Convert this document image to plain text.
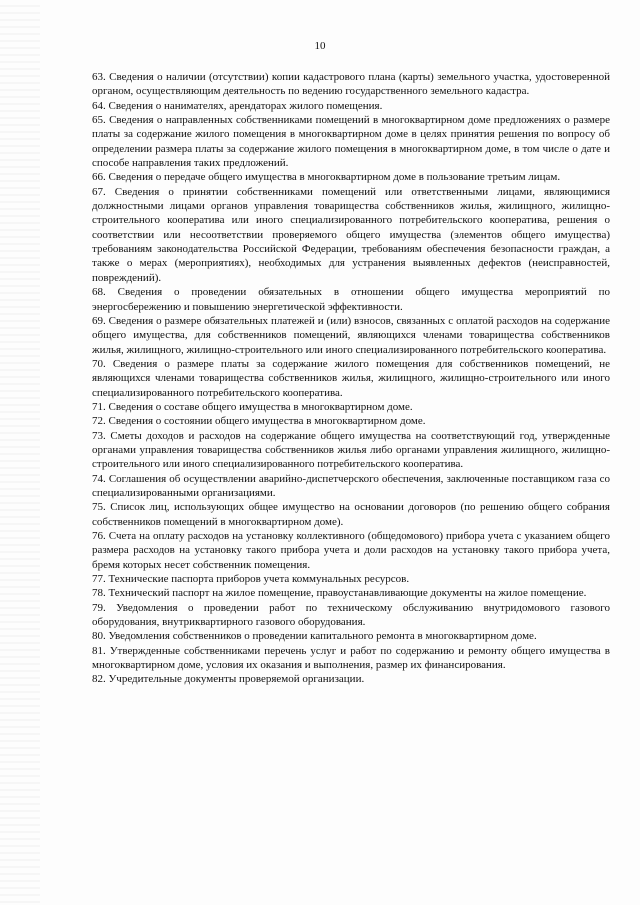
10

63. Сведения о наличии (отсутствии) копии кадастрового плана (карты) земельного участка, удостоверенной органом, осуществляющим деятельность по ведению государственного земельного кадастра.

64. Сведения о нанимателях, арендаторах жилого помещения.

65. Сведения о направленных собственниками помещений в многоквартирном доме предложениях о размере платы за содержание жилого помещения в многоквартирном доме в целях принятия решения по вопросу об определении размера платы за содержание жилого помещения в многоквартирном доме, в том числе о дате и способе направления таких предложений.

66. Сведения о передаче общего имущества в многоквартирном доме в пользование третьим лицам.

67. Сведения о принятии собственниками помещений или ответственными лицами, являющимися должностными лицами органов управления товарищества собственников жилья, жилищного, жилищно-строительного кооператива или иного специализированного потребительского кооператива, решения о соответствии или несоответствии проверяемого общего имущества (элементов общего имущества) требованиям законодательства Российской Федерации, требованиям обеспечения безопасности граждан, а также о мерах (мероприятиях), необходимых для устранения выявленных дефектов (неисправностей, повреждений).

68. Сведения о проведении обязательных в отношении общего имущества мероприятий по энергосбережению и повышению энергетической эффективности.

69. Сведения о размере обязательных платежей и (или) взносов, связанных с оплатой расходов на содержание общего имущества, для собственников помещений, являющихся членами товарищества собственников жилья, жилищного, жилищно-строительного или иного специализированного потребительского кооператива.

70. Сведения о размере платы за содержание жилого помещения для собственников помещений, не являющихся членами товарищества собственников жилья, жилищного, жилищно-строительного или иного специализированного потребительского кооператива.

71. Сведения о составе общего имущества в многоквартирном доме.

72. Сведения о состоянии общего имущества в многоквартирном доме.

73. Сметы доходов и расходов на содержание общего имущества на соответствующий год, утвержденные органами управления товарищества собственников жилья либо органами управления жилищного, жилищно-строительного или иного специализированного потребительского кооператива.

74. Соглашения об осуществлении аварийно-диспетчерского обеспечения, заключенные поставщиком газа со специализированными организациями.

75. Список лиц, использующих общее имущество на основании договоров (по решению общего собрания собственников помещений в многоквартирном доме).

76. Счета на оплату расходов на установку коллективного (общедомового) прибора учета с указанием общего размера расходов на установку такого прибора учета и доли расходов на установку такого прибора учета, бремя которых несет собственник помещения.

77. Технические паспорта приборов учета коммунальных ресурсов.

78. Технический паспорт на жилое помещение, правоустанавливающие документы на жилое помещение.

79. Уведомления о проведении работ по техническому обслуживанию внутридомового газового оборудования, внутриквартирного газового оборудования.

80. Уведомления собственников о проведении капитального ремонта в многоквартирном доме.

81. Утвержденные собственниками перечень услуг и работ по содержанию и ремонту общего имущества в многоквартирном доме, условия их оказания и выполнения, размер их финансирования.

82. Учредительные документы проверяемой организации.
